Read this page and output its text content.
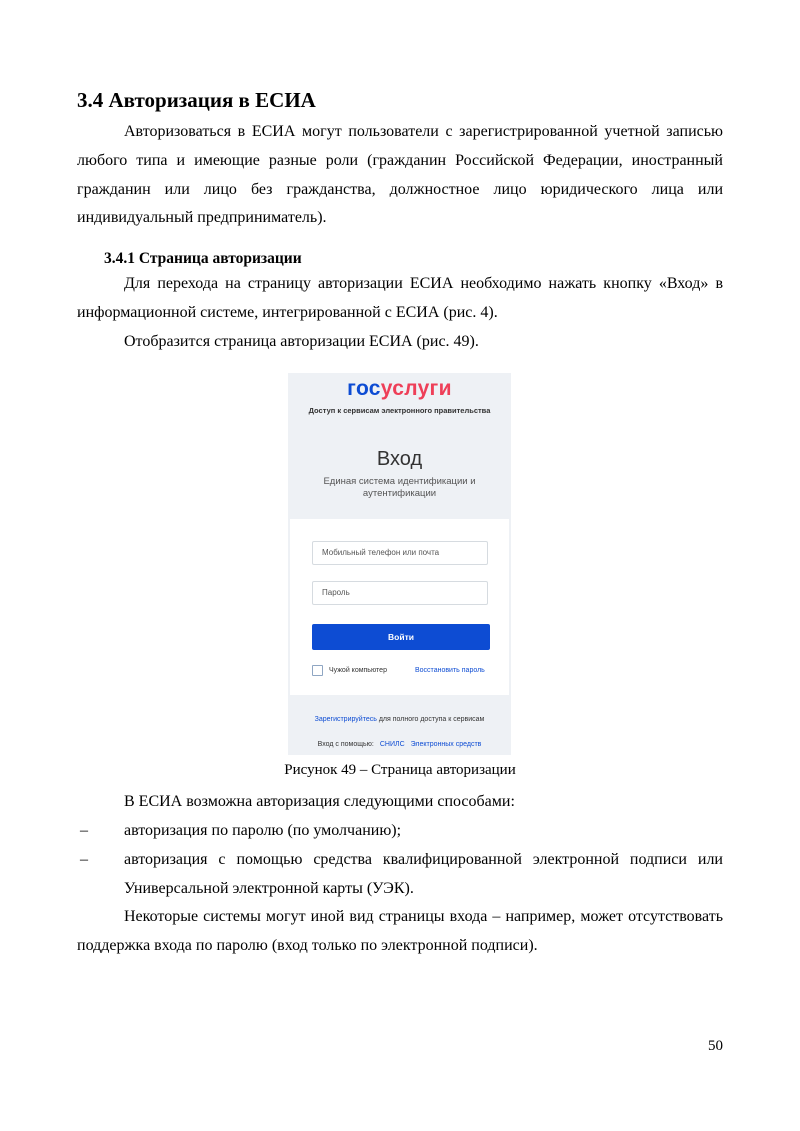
3.4 Авторизация в ЕСИА

Авторизоваться в ЕСИА могут пользователи с зарегистрированной учетной записью любого типа и имеющие разные роли (гражданин Российской Федерации, иностранный гражданин или лицо без гражданства, должностное лицо юридического лица или индивидуальный предприниматель).

3.4.1 Страница авторизации

Для перехода на страницу авторизации ЕСИА необходимо нажать кнопку «Вход» в информационной системе, интегрированной с ЕСИА (рис. 4).

Отобразится страница авторизации ЕСИА (рис. 49).

госуслуги
Доступ к сервисам электронного правительства
Вход
Единая система идентификации и аутентификации
Мобильный телефон или почта
Пароль
Войти
Чужой компьютер	Восстановить пароль
Зарегистрируйтесь для полного доступа к сервисам
Вход с помощью: СНИЛС Электронных средств
Рисунок 49 – Страница авторизации

В ЕСИА возможна авторизация следующими способами:

– авторизация по паролю (по умолчанию);
– авторизация с помощью средства квалифицированной электронной подписи или Универсальной электронной карты (УЭК).

Некоторые системы могут иной вид страницы входа – например, может отсутствовать поддержка входа по паролю (вход только по электронной подписи).

50
